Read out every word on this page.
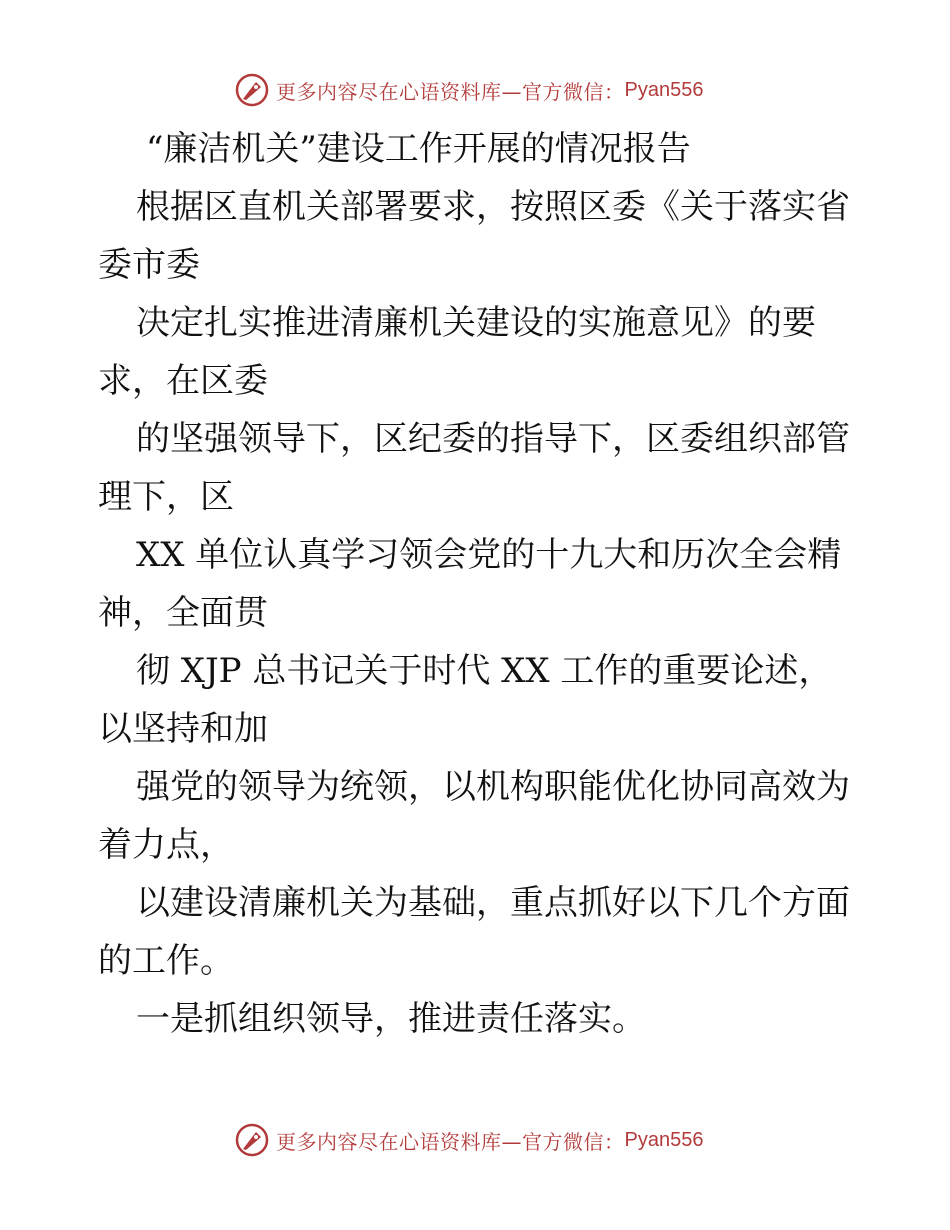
更多内容尽在心语资料库—官方微信： Pyan556

“廉洁机关”建设工作开展的情况报告

根据区直机关部署要求，按照区委《关于落实省

委市委

决定扎实推进清廉机关建设的实施意见》的要

求，在区委

的坚强领导下，区纪委的指导下，区委组织部管

理下，区

XX 单位认真学习领会党的十九大和历次全会精

神，全面贯

彻 XJP 总书记关于时代 XX 工作的重要论述，

以坚持和加

强党的领导为统领，以机构职能优化协同高效为

着力点，

以建设清廉机关为基础，重点抓好以下几个方面

的工作。

一是抓组织领导，推进责任落实。

更多内容尽在心语资料库—官方微信： Pyan556
